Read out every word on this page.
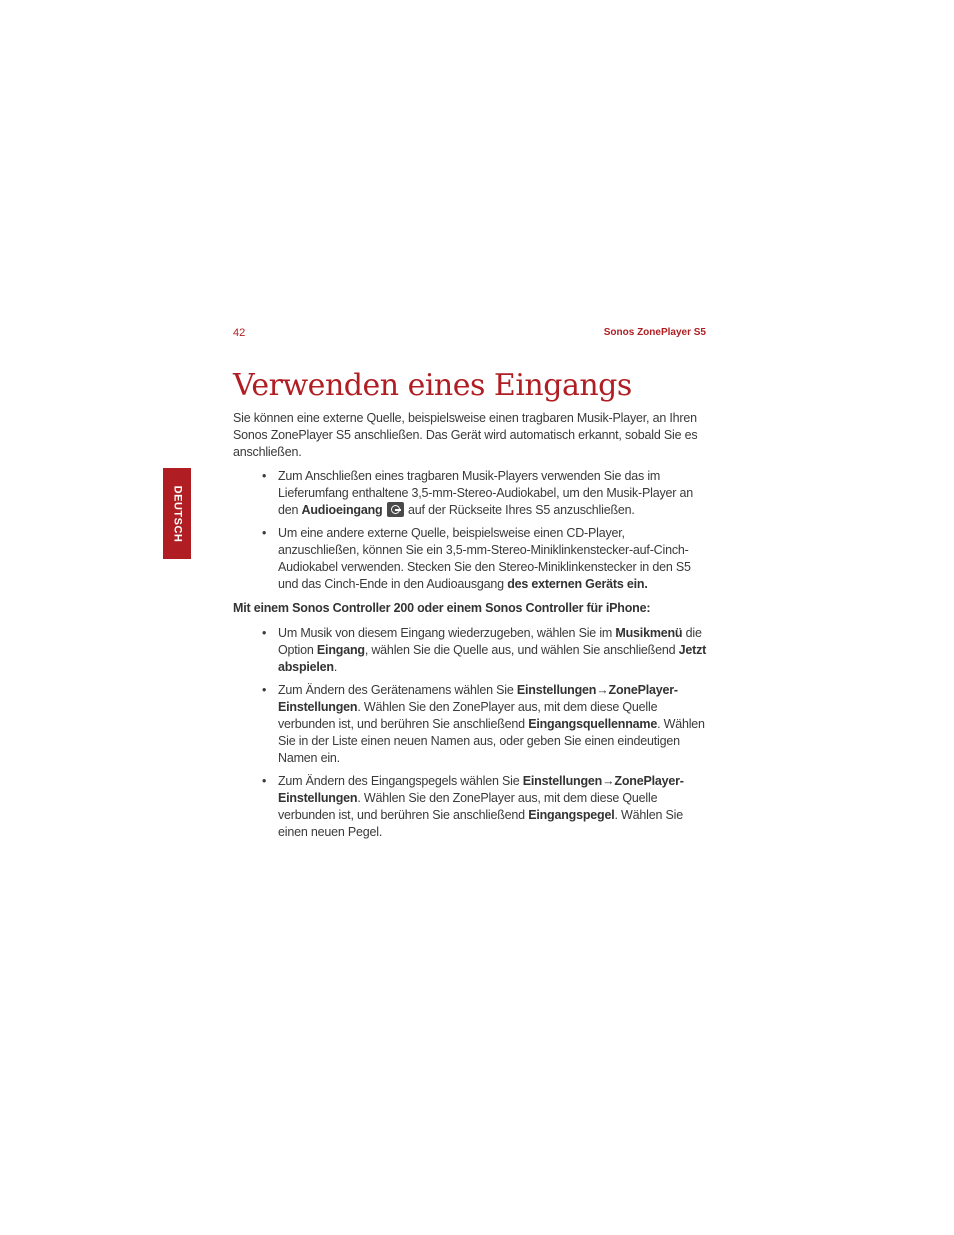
42	Sonos ZonePlayer S5
DEUTSCH
Verwenden eines Eingangs

Sie können eine externe Quelle, beispielsweise einen tragbaren Musik-Player, an Ihren Sonos ZonePlayer S5 anschließen. Das Gerät wird automatisch erkannt, sobald Sie es anschließen.

• Zum Anschließen eines tragbaren Musik-Players verwenden Sie das im Lieferumfang enthaltene 3,5-mm-Stereo-Audiokabel, um den Musik-Player an den Audioeingang  auf der Rückseite Ihres S5 anzuschließen.
• Um eine andere externe Quelle, beispielsweise einen CD-Player, anzuschließen, können Sie ein 3,5-mm-Stereo-Miniklinkenstecker-auf-Cinch-Audiokabel verwenden. Stecken Sie den Stereo-Miniklinkenstecker in den S5 und das Cinch-Ende in den Audioausgang des externen Geräts ein.

Mit einem Sonos Controller 200 oder einem Sonos Controller für iPhone:

• Um Musik von diesem Eingang wiederzugeben, wählen Sie im Musikmenü die Option Eingang, wählen Sie die Quelle aus, und wählen Sie anschließend Jetzt abspielen.
• Zum Ändern des Gerätenamens wählen Sie Einstellungen→ZonePlayer-Einstellungen. Wählen Sie den ZonePlayer aus, mit dem diese Quelle verbunden ist, und berühren Sie anschließend Eingangsquellenname. Wählen Sie in der Liste einen neuen Namen aus, oder geben Sie einen eindeutigen Namen ein.
• Zum Ändern des Eingangspegels wählen Sie Einstellungen→ZonePlayer-Einstellungen. Wählen Sie den ZonePlayer aus, mit dem diese Quelle verbunden ist, und berühren Sie anschließend Eingangspegel. Wählen Sie einen neuen Pegel.
